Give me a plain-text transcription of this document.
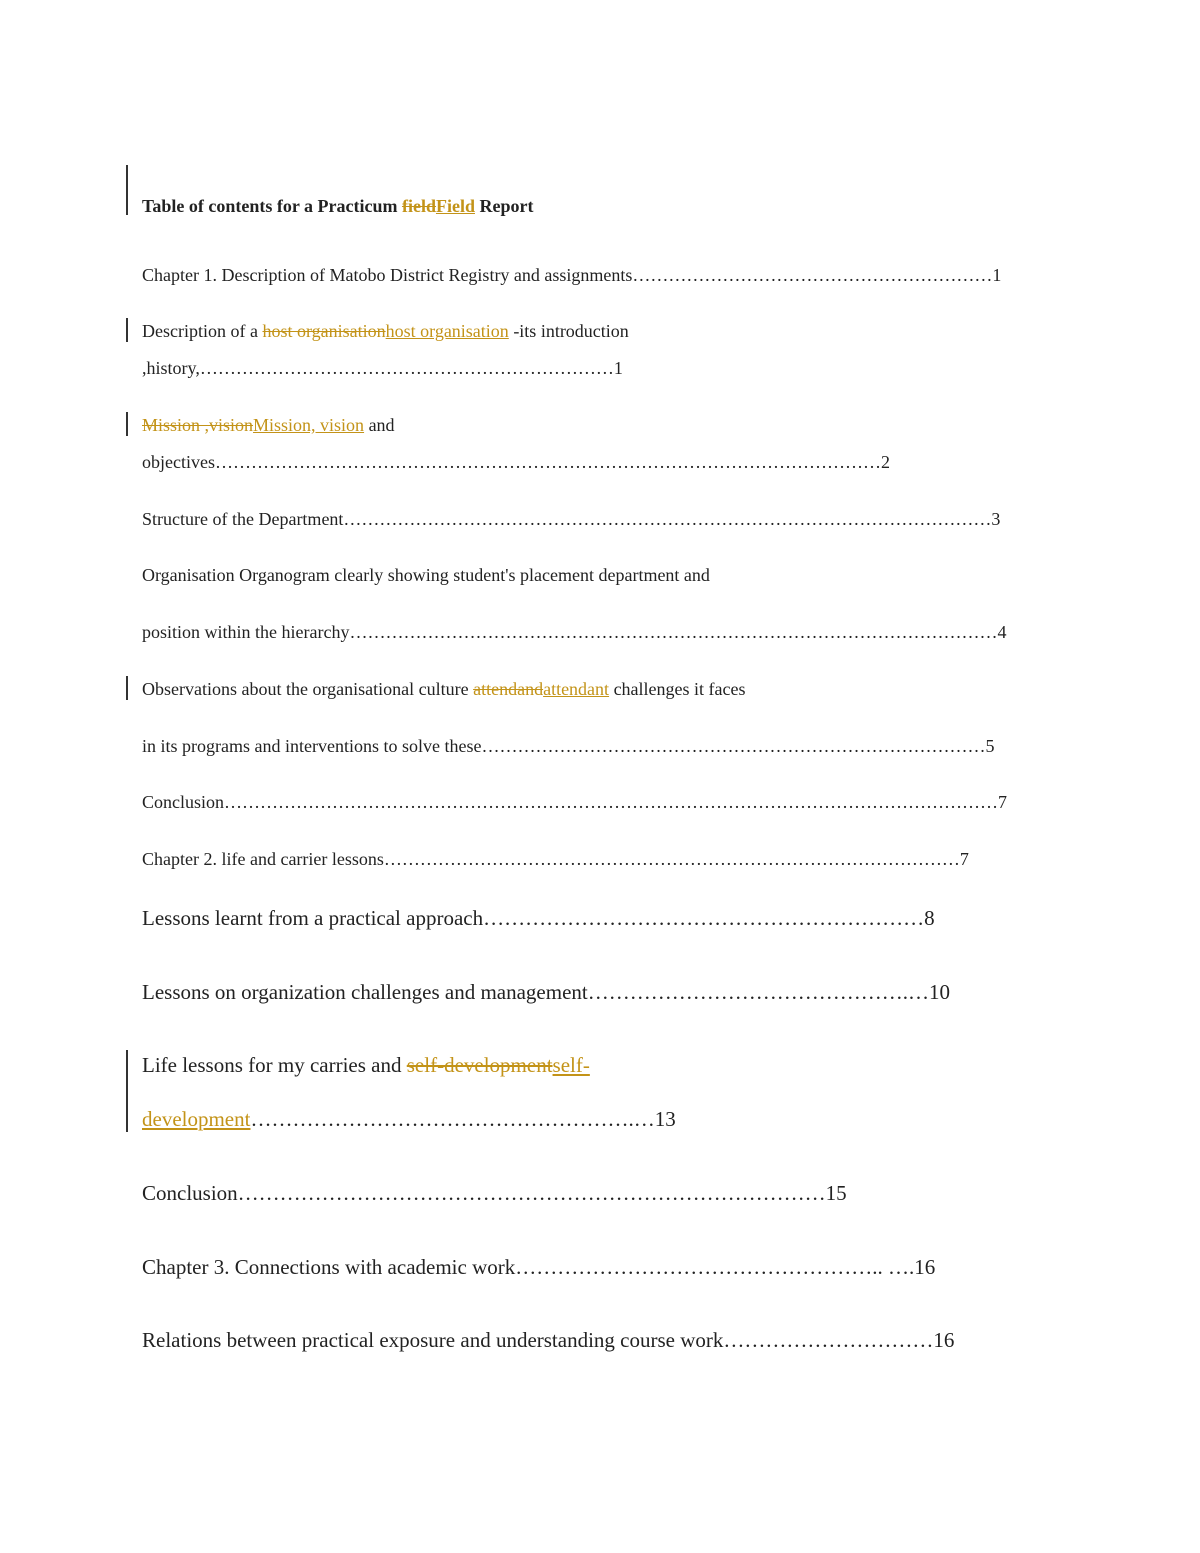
Table of contents for a Practicum fieldField Report
Chapter 1. Description of Matobo District Registry and assignments……………………………………………………1
Description of a host organisationhost organisation -its introduction
,history,……………………………………………………………1
Mission ,visionMission, vision and
objectives…………………………………………………………………………………………………2
Structure of the Department………………………………………………………………………………………………3
Organisation Organogram clearly showing student's placement department and
position within the hierarchy………………………………………………………………………………………………4
Observations about the organisational culture attendandattendant challenges it faces
in its programs and interventions to solve these…………………………………………………………………………5
Conclusion…………………………………………………………………………………………………………………7
Chapter 2. life and carrier lessons……………………………………………………………………………………7
Lessons learnt from a practical approach………………………………………………………8
Lessons on organization challenges and management……………………………………….…10
Life lessons for my carries and self-developmentself-
development……………………………………………….…13
Conclusion…………………………………………………………………………15
Chapter 3. Connections with academic work…………………………………………….. ….16
Relations between practical exposure and understanding course work…………………………16
